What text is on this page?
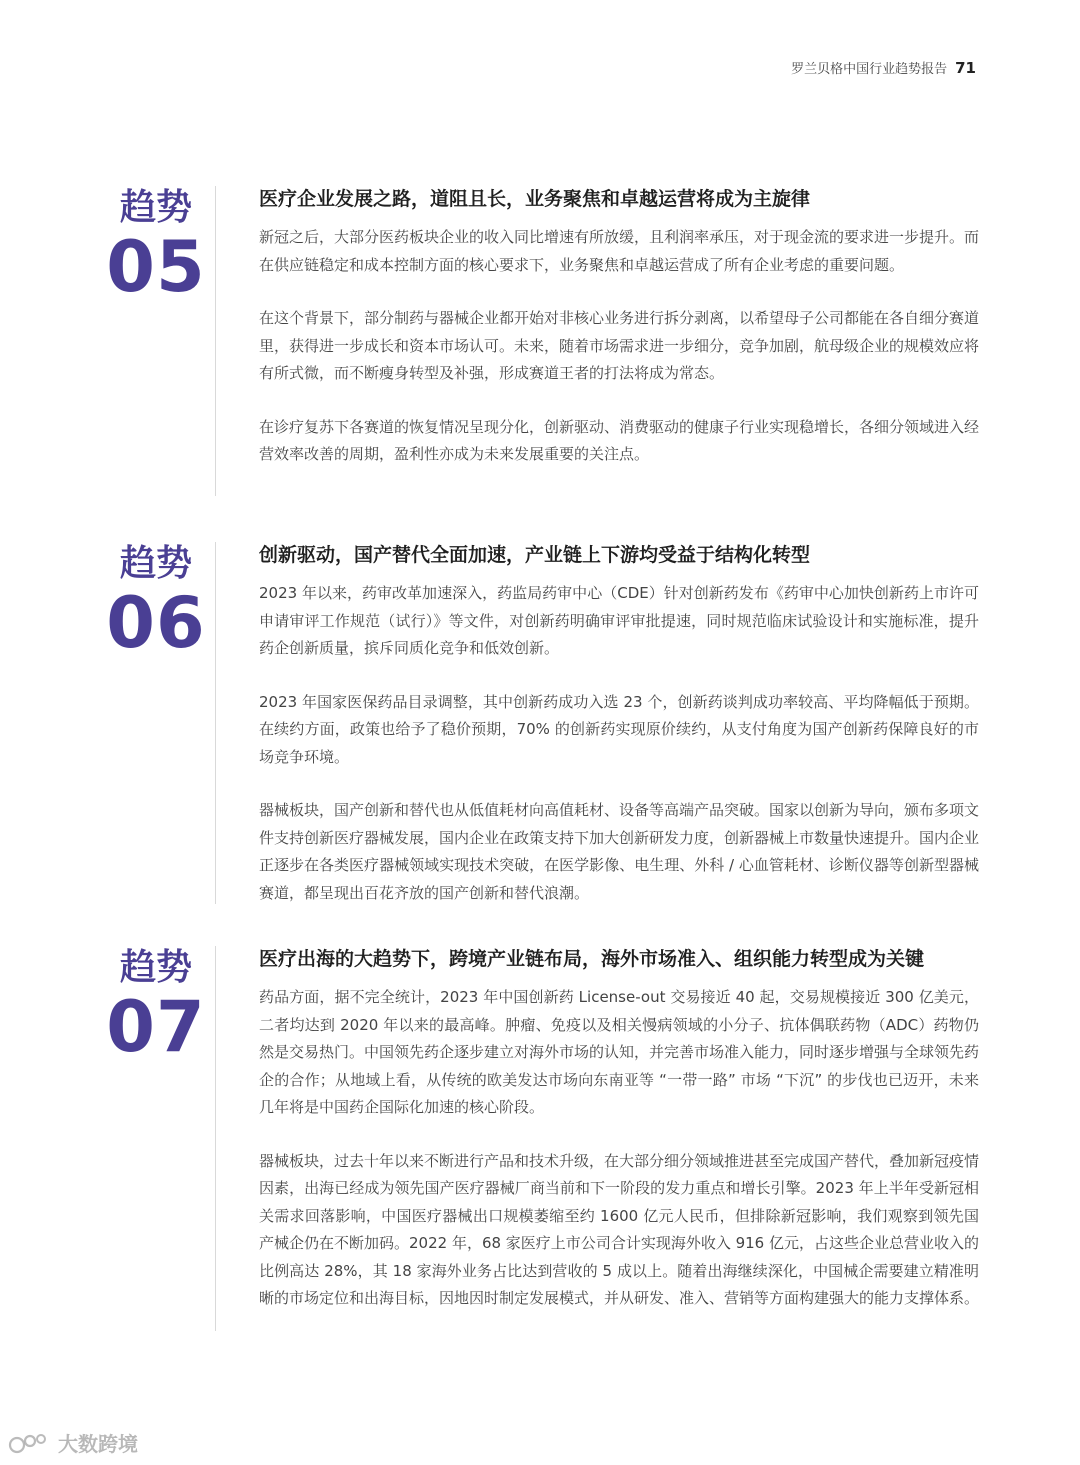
罗兰贝格中国行业趋势报告 71
趋势
05
医疗企业发展之路，道阻且长，业务聚焦和卓越运营将成为主旋律

新冠之后，大部分医药板块企业的收入同比增速有所放缓，且利润率承压，对于现金流的要求进一步提升。而在供应链稳定和成本控制方面的核心要求下，业务聚焦和卓越运营成了所有企业考虑的重要问题。

在这个背景下，部分制药与器械企业都开始对非核心业务进行拆分剥离，以希望母子公司都能在各自细分赛道里，获得进一步成长和资本市场认可。未来，随着市场需求进一步细分，竞争加剧，航母级企业的规模效应将有所式微，而不断瘦身转型及补强，形成赛道王者的打法将成为常态。

在诊疗复苏下各赛道的恢复情况呈现分化，创新驱动、消费驱动的健康子行业实现稳增长，各细分领域进入经营效率改善的周期，盈利性亦成为未来发展重要的关注点。

趋势
06
创新驱动，国产替代全面加速，产业链上下游均受益于结构化转型

2023 年以来，药审改革加速深入，药监局药审中心（CDE）针对创新药发布《药审中心加快创新药上市许可申请审评工作规范（试行）》等文件，对创新药明确审评审批提速，同时规范临床试验设计和实施标准，提升药企创新质量，摈斥同质化竞争和低效创新。

2023 年国家医保药品目录调整，其中创新药成功入选 23 个，创新药谈判成功率较高、平均降幅低于预期。在续约方面，政策也给予了稳价预期，70% 的创新药实现原价续约，从支付角度为国产创新药保障良好的市场竞争环境。

器械板块，国产创新和替代也从低值耗材向高值耗材、设备等高端产品突破。国家以创新为导向，颁布多项文件支持创新医疗器械发展，国内企业在政策支持下加大创新研发力度，创新器械上市数量快速提升。国内企业正逐步在各类医疗器械领域实现技术突破，在医学影像、电生理、外科 / 心血管耗材、诊断仪器等创新型器械赛道，都呈现出百花齐放的国产创新和替代浪潮。

趋势
07
医疗出海的大趋势下，跨境产业链布局，海外市场准入、组织能力转型成为关键

药品方面，据不完全统计，2023 年中国创新药 License-out 交易接近 40 起，交易规模接近 300 亿美元，二者均达到 2020 年以来的最高峰。肿瘤、免疫以及相关慢病领域的小分子、抗体偶联药物（ADC）药物仍然是交易热门。中国领先药企逐步建立对海外市场的认知，并完善市场准入能力，同时逐步增强与全球领先药企的合作；从地域上看，从传统的欧美发达市场向东南亚等 “一带一路” 市场 “下沉” 的步伐也已迈开，未来几年将是中国药企国际化加速的核心阶段。

器械板块，过去十年以来不断进行产品和技术升级，在大部分细分领域推进甚至完成国产替代，叠加新冠疫情因素，出海已经成为领先国产医疗器械厂商当前和下一阶段的发力重点和增长引擎。2023 年上半年受新冠相关需求回落影响，中国医疗器械出口规模萎缩至约 1600 亿元人民币，但排除新冠影响，我们观察到领先国产械企仍在不断加码。2022 年，68 家医疗上市公司合计实现海外收入 916 亿元，占这些企业总营业收入的比例高达 28%，其 18 家海外业务占比达到营收的 5 成以上。随着出海继续深化，中国械企需要建立精准明晰的市场定位和出海目标，因地因时制定发展模式，并从研发、准入、营销等方面构建强大的能力支撑体系。

大数跨境
